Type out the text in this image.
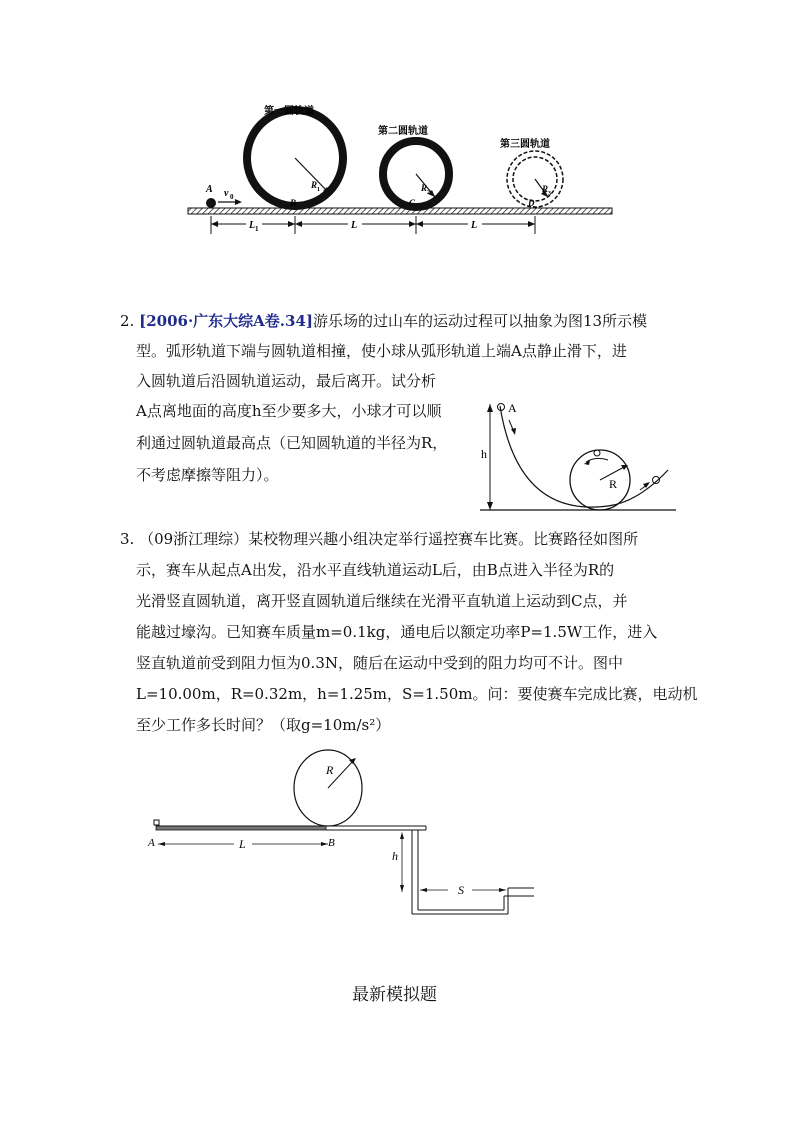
第一圆轨道
第二圆轨道
第三圆轨道
A v 0
B	C	D
R 1	R 2	R 3
L 1	L	L
2. [2006·广东大综A卷.34]游乐场的过山车的运动过程可以抽象为图13所示模
型。弧形轨道下端与圆轨道相撞，使小球从弧形轨道上端A点静止滑下，进
入圆轨道后沿圆轨道运动，最后离开。试分析
A点离地面的高度h至少要多大，小球才可以顺
利通过圆轨道最高点（已知圆轨道的半径为R，
不考虑摩擦等阻力）。
A
h
R
3. （09浙江理综）某校物理兴趣小组决定举行遥控赛车比赛。比赛路径如图所
示，赛车从起点A出发，沿水平直线轨道运动L后，由B点进入半径为R的
光滑竖直圆轨道，离开竖直圆轨道后继续在光滑平直轨道上运动到C点，并
能越过壕沟。已知赛车质量m=0.1kg，通电后以额定功率P=1.5W工作，进入
竖直轨道前受到阻力恒为0.3N，随后在运动中受到的阻力均可不计。图中
L=10.00m，R=0.32m，h=1.25m，S=1.50m。问：要使赛车完成比赛，电动机
至少工作多长时间？（取g=10m/s²）
R
A	L	B
h
S
最新模拟题
